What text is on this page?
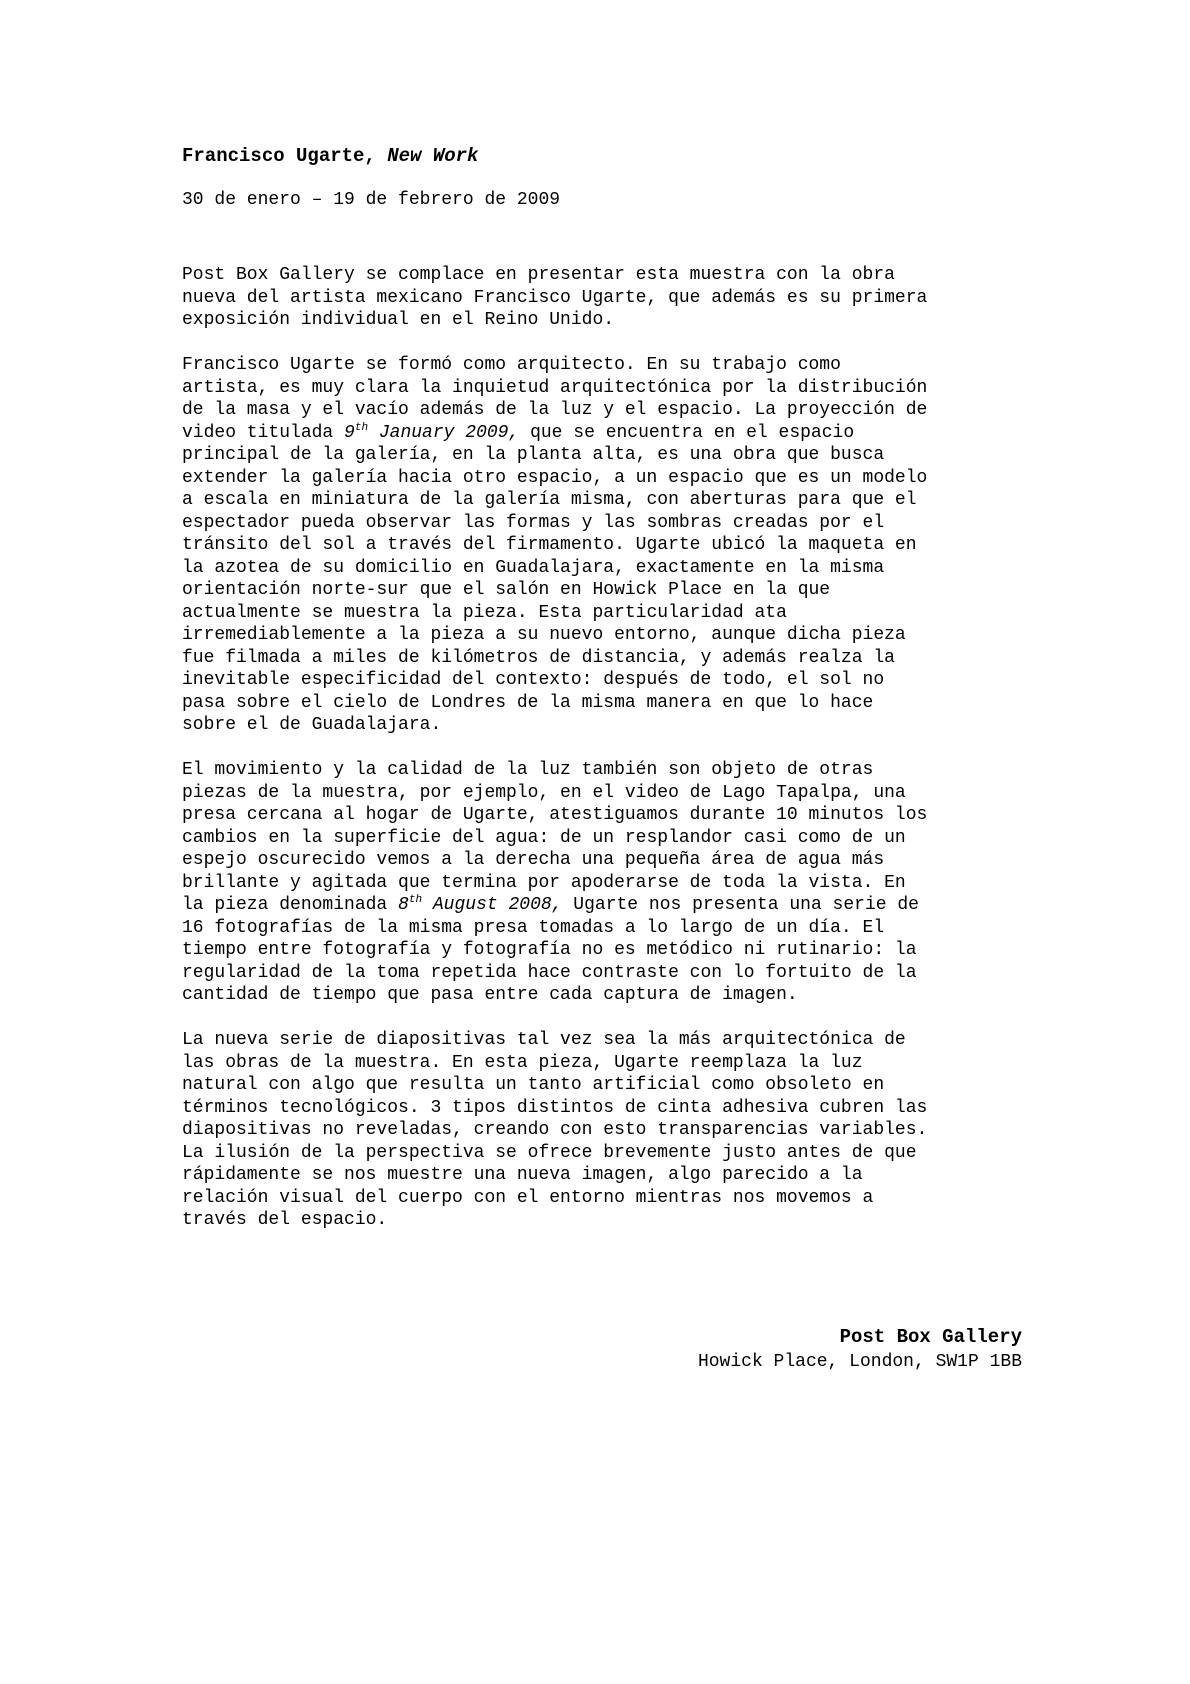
Francisco Ugarte, New Work
30 de enero – 19 de febrero de 2009
Post Box Gallery se complace en presentar esta muestra con la obra
nueva del artista mexicano Francisco Ugarte, que además es su primera
exposición individual en el Reino Unido.
Francisco Ugarte se formó como arquitecto. En su trabajo como
artista, es muy clara la inquietud arquitectónica por la distribución
de la masa y el vacío además de la luz y el espacio. La proyección de
video titulada 9th January 2009, que se encuentra en el espacio
principal de la galería, en la planta alta, es una obra que busca
extender la galería hacia otro espacio, a un espacio que es un modelo
a escala en miniatura de la galería misma, con aberturas para que el
espectador pueda observar las formas y las sombras creadas por el
tránsito del sol a través del firmamento. Ugarte ubicó la maqueta en
la azotea de su domicilio en Guadalajara, exactamente en la misma
orientación norte-sur que el salón en Howick Place en la que
actualmente se muestra la pieza. Esta particularidad ata
irremediablemente a la pieza a su nuevo entorno, aunque dicha pieza
fue filmada a miles de kilómetros de distancia, y además realza la
inevitable especificidad del contexto: después de todo, el sol no
pasa sobre el cielo de Londres de la misma manera en que lo hace
sobre el de Guadalajara.
El movimiento y la calidad de la luz también son objeto de otras
piezas de la muestra, por ejemplo, en el video de Lago Tapalpa, una
presa cercana al hogar de Ugarte, atestiguamos durante 10 minutos los
cambios en la superficie del agua: de un resplandor casi como de un
espejo oscurecido vemos a la derecha una pequeña área de agua más
brillante y agitada que termina por apoderarse de toda la vista. En
la pieza denominada 8th August 2008, Ugarte nos presenta una serie de
16 fotografías de la misma presa tomadas a lo largo de un día. El
tiempo entre fotografía y fotografía no es metódico ni rutinario: la
regularidad de la toma repetida hace contraste con lo fortuito de la
cantidad de tiempo que pasa entre cada captura de imagen.
La nueva serie de diapositivas tal vez sea la más arquitectónica de
las obras de la muestra. En esta pieza, Ugarte reemplaza la luz
natural con algo que resulta un tanto artificial como obsoleto en
términos tecnológicos. 3 tipos distintos de cinta adhesiva cubren las
diapositivas no reveladas, creando con esto transparencias variables.
La ilusión de la perspectiva se ofrece brevemente justo antes de que
rápidamente se nos muestre una nueva imagen, algo parecido a la
relación visual del cuerpo con el entorno mientras nos movemos a
través del espacio.
Post Box Gallery
Howick Place, London, SW1P 1BB
